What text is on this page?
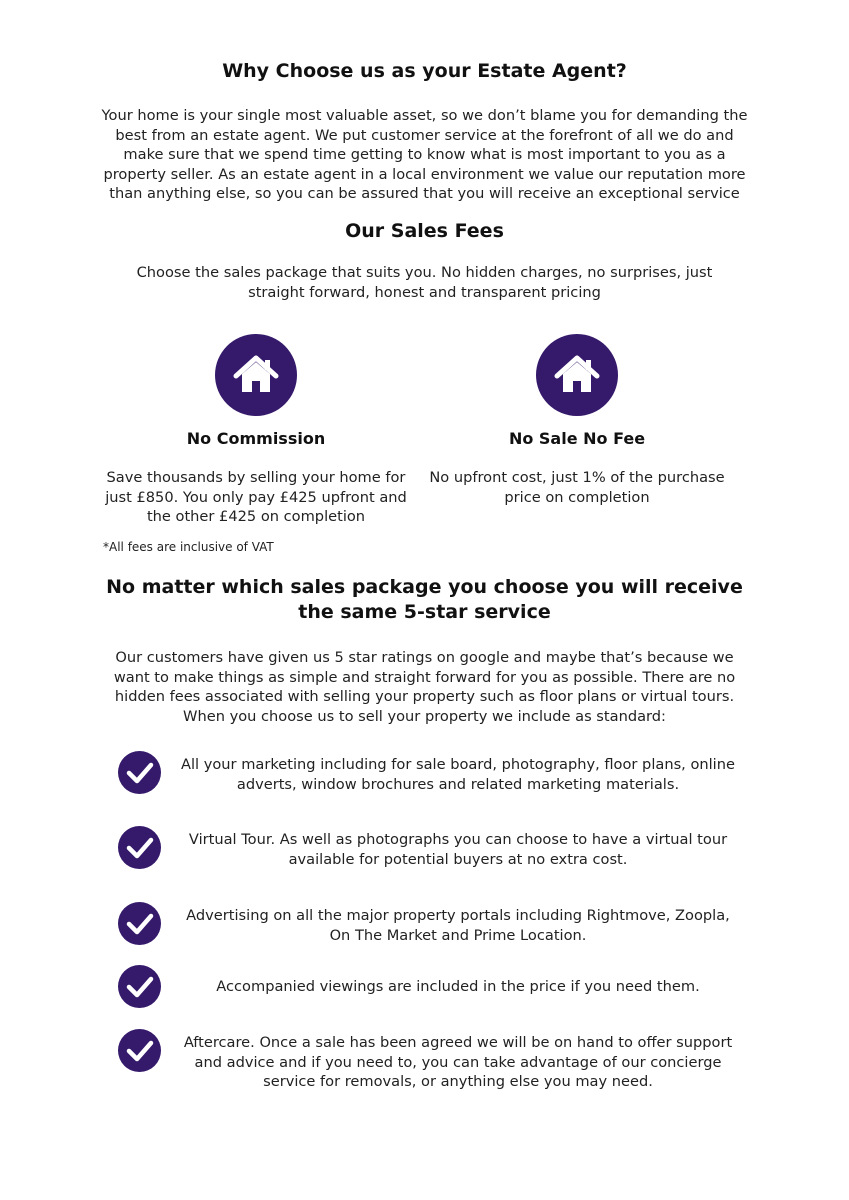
Why Choose us as your Estate Agent?
Your home is your single most valuable asset, so we don’t blame you for demanding the best from an estate agent. We put customer service at the forefront of all we do and make sure that we spend time getting to know what is most important to you as a property seller. As an estate agent in a local environment we value our reputation more than anything else, so you can be assured that you will receive an exceptional service
Our Sales Fees
Choose the sales package that suits you. No hidden charges, no surprises, just straight forward, honest and transparent pricing
No Commission
Save thousands by selling your home for just £850. You only pay £425 upfront and the other £425 on completion
No Sale No Fee
No upfront cost, just 1% of the purchase price on completion
*All fees are inclusive of VAT
No matter which sales package you choose you will receive the same 5-star service
Our customers have given us 5 star ratings on google and maybe that’s because we want to make things as simple and straight forward for you as possible. There are no hidden fees associated with selling your property such as floor plans or virtual tours. When you choose us to sell your property we include as standard:
All your marketing including for sale board, photography, floor plans, online adverts, window brochures and related marketing materials.
Virtual Tour. As well as photographs you can choose to have a virtual tour available for potential buyers at no extra cost.
Advertising on all the major property portals including Rightmove, Zoopla, On The Market and Prime Location.
Accompanied viewings are included in the price if you need them.
Aftercare. Once a sale has been agreed we will be on hand to offer support and advice and if you need to, you can take advantage of our concierge service for removals, or anything else you may need.
